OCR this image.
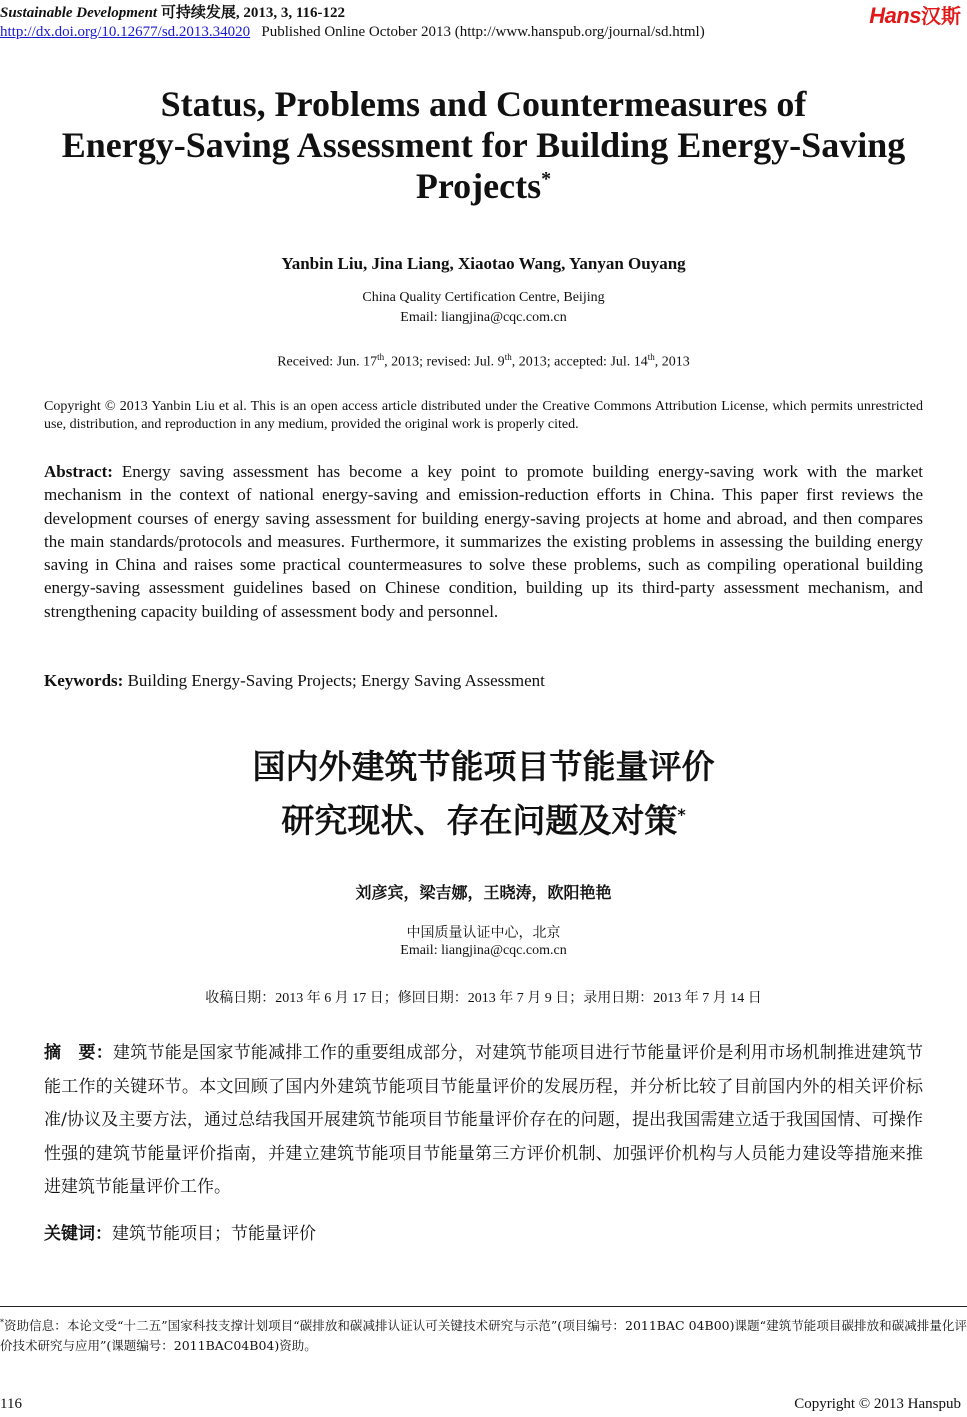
Sustainable Development 可持续发展, 2013, 3, 116-122
http://dx.doi.org/10.12677/sd.2013.34020 Published Online October 2013 (http://www.hanspub.org/journal/sd.html)
Hans汉斯
Status, Problems and Countermeasures of
Energy-Saving Assessment for Building Energy-Saving
Projects*
Yanbin Liu, Jina Liang, Xiaotao Wang, Yanyan Ouyang
China Quality Certification Centre, Beijing
Email: liangjina@cqc.com.cn
Received: Jun. 17th, 2013; revised: Jul. 9th, 2013; accepted: Jul. 14th, 2013
Copyright © 2013 Yanbin Liu et al. This is an open access article distributed under the Creative Commons Attribution License, which permits unrestricted use, distribution, and reproduction in any medium, provided the original work is properly cited.
Abstract: Energy saving assessment has become a key point to promote building energy-saving work with the market mechanism in the context of national energy-saving and emission-reduction efforts in China. This paper first reviews the development courses of energy saving assessment for building energy-saving projects at home and abroad, and then compares the main standards/protocols and measures. Furthermore, it summarizes the existing problems in assessing the building energy saving in China and raises some practical countermeasures to solve these problems, such as compiling operational building energy-saving assessment guidelines based on Chinese condition, building up its third-party assessment mechanism, and strengthening capacity building of assessment body and personnel.
Keywords: Building Energy-Saving Projects; Energy Saving Assessment
国内外建筑节能项目节能量评价
研究现状、存在问题及对策*
刘彦宾，梁吉娜，王晓涛，欧阳艳艳
中国质量认证中心，北京
Email: liangjina@cqc.com.cn
收稿日期：2013 年 6 月 17 日；修回日期：2013 年 7 月 9 日；录用日期：2013 年 7 月 14 日
摘　要：建筑节能是国家节能减排工作的重要组成部分，对建筑节能项目进行节能量评价是利用市场机制推进建筑节能工作的关键环节。本文回顾了国内外建筑节能项目节能量评价的发展历程，并分析比较了目前国内外的相关评价标准/协议及主要方法，通过总结我国开展建筑节能项目节能量评价存在的问题，提出我国需建立适于我国国情、可操作性强的建筑节能量评价指南，并建立建筑节能项目节能量第三方评价机制、加强评价机构与人员能力建设等措施来推进建筑节能量评价工作。
关键词：建筑节能项目；节能量评价
*资助信息：本论文受“十二五”国家科技支撑计划项目“碳排放和碳减排认证认可关键技术研究与示范”(项目编号：2011BAC 04B00)课题“建筑节能项目碳排放和碳减排量化评价技术研究与应用”(课题编号：2011BAC04B04)资助。
116	Copyright © 2013 Hanspub
